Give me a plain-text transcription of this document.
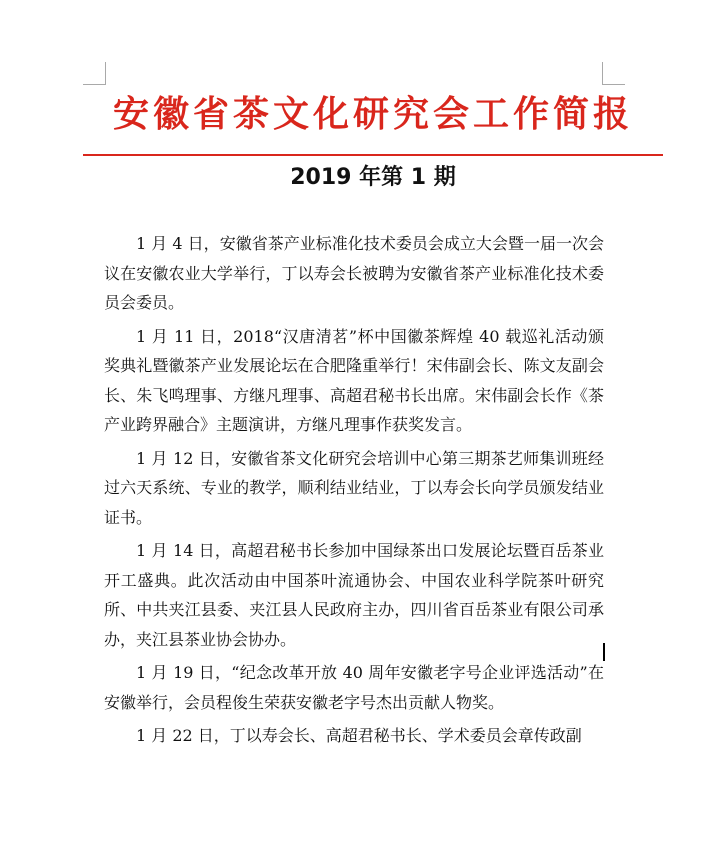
安徽省茶文化研究会工作简报
2019 年第 1 期

1 月 4 日，安徽省茶产业标准化技术委员会成立大会暨一届一次会议在安徽农业大学举行，丁以寿会长被聘为安徽省茶产业标准化技术委员会委员。

1 月 11 日，2018“汉唐清茗”杯中国徽茶辉煌 40 载巡礼活动颁奖典礼暨徽茶产业发展论坛在合肥隆重举行！宋伟副会长、陈文友副会长、朱飞鸣理事、方继凡理事、高超君秘书长出席。宋伟副会长作《茶产业跨界融合》主题演讲，方继凡理事作获奖发言。

1 月 12 日，安徽省茶文化研究会培训中心第三期茶艺师集训班经过六天系统、专业的教学，顺利结业结业，丁以寿会长向学员颁发结业证书。

1 月 14 日，高超君秘书长参加中国绿茶出口发展论坛暨百岳茶业开工盛典。此次活动由中国茶叶流通协会、中国农业科学院茶叶研究所、中共夹江县委、夹江县人民政府主办，四川省百岳茶业有限公司承办，夹江县茶业协会协办。

1 月 19 日，“纪念改革开放 40 周年安徽老字号企业评选活动”在安徽举行，会员程俊生荣获安徽老字号杰出贡献人物奖。

1 月 22 日，丁以寿会长、高超君秘书长、学术委员会章传政副
